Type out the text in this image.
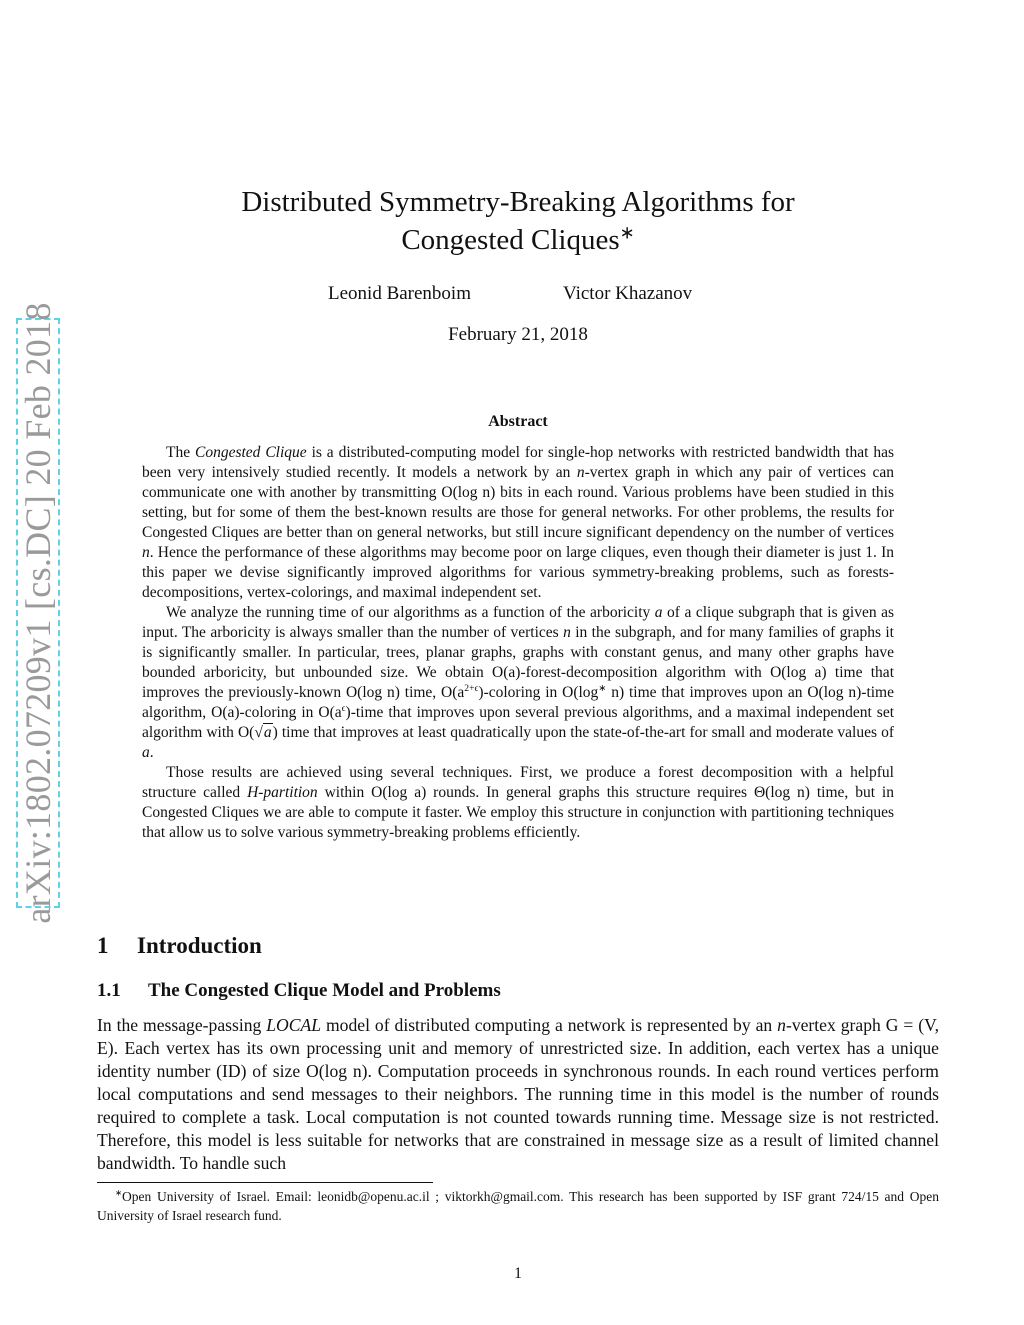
arXiv:1802.07209v1 [cs.DC] 20 Feb 2018
Distributed Symmetry-Breaking Algorithms for
Congested Cliques∗
Leonid Barenboim	Victor Khazanov
February 21, 2018
Abstract

The Congested Clique is a distributed-computing model for single-hop networks with restricted bandwidth that has been very intensively studied recently. It models a network by an n-vertex graph in which any pair of vertices can communicate one with another by transmitting O(log n) bits in each round. Various problems have been studied in this setting, but for some of them the best-known results are those for general networks. For other problems, the results for Congested Cliques are better than on general networks, but still incure significant dependency on the number of vertices n. Hence the performance of these algorithms may become poor on large cliques, even though their diameter is just 1. In this paper we devise significantly improved algorithms for various symmetry-breaking problems, such as forests-decompositions, vertex-colorings, and maximal independent set.

We analyze the running time of our algorithms as a function of the arboricity a of a clique subgraph that is given as input. The arboricity is always smaller than the number of vertices n in the subgraph, and for many families of graphs it is significantly smaller. In particular, trees, planar graphs, graphs with constant genus, and many other graphs have bounded arboricity, but unbounded size. We obtain O(a)-forest-decomposition algorithm with O(log a) time that improves the previously-known O(log n) time, $O(a^{2+\epsilon})$-coloring in O(log∗ n) time that improves upon an O(log n)-time algorithm, O(a)-coloring in $O(a^\epsilon)$-time that improves upon several previous algorithms, and a maximal independent set algorithm with O(√a) time that improves at least quadratically upon the state-of-the-art for small and moderate values of a.

Those results are achieved using several techniques. First, we produce a forest decomposition with a helpful structure called H-partition within O(log a) rounds. In general graphs this structure requires Θ(log n) time, but in Congested Cliques we are able to compute it faster. We employ this structure in conjunction with partitioning techniques that allow us to solve various symmetry-breaking problems efficiently.

1 Introduction
1.1 The Congested Clique Model and Problems

In the message-passing LOCAL model of distributed computing a network is represented by an n-vertex graph G = (V, E). Each vertex has its own processing unit and memory of unrestricted size. In addition, each vertex has a unique identity number (ID) of size O(log n). Computation proceeds in synchronous rounds. In each round vertices perform local computations and send messages to their neighbors. The running time in this model is the number of rounds required to complete a task. Local computation is not counted towards running time. Message size is not restricted. Therefore, this model is less suitable for networks that are constrained in message size as a result of limited channel bandwidth. To handle such

∗Open University of Israel. Email: leonidb@openu.ac.il ; viktorkh@gmail.com. This research has been supported by ISF grant 724/15 and Open University of Israel research fund.

1
